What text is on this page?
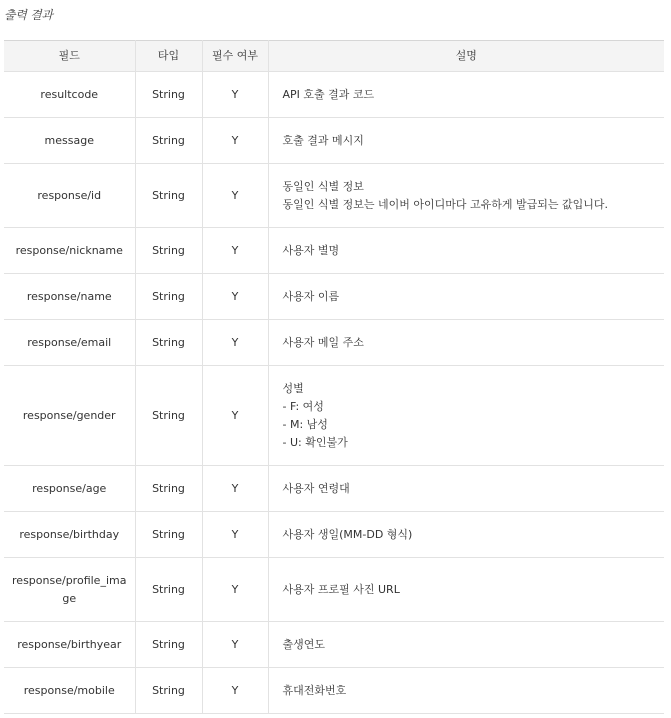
출력 결과
필드	타입	필수 여부	설명
resultcode	String	Y	API 호출 결과 코드

message	String	Y	호출 결과 메시지

response/id	String	Y	동일인 식별 정보
동일인 식별 정보는 네이버 아이디마다 고유하게 발급되는 값입니다.

response/nickname	String	Y	사용자 별명

response/name	String	Y	사용자 이름

response/email	String	Y	사용자 메일 주소

response/gender	String	Y	성별
- F: 여성
- M: 남성
- U: 확인불가

response/age	String	Y	사용자 연령대

response/birthday	String	Y	사용자 생일(MM-DD 형식)

response/profile_image	String	Y	사용자 프로필 사진 URL

response/birthyear	String	Y	출생연도

response/mobile	String	Y	휴대전화번호
